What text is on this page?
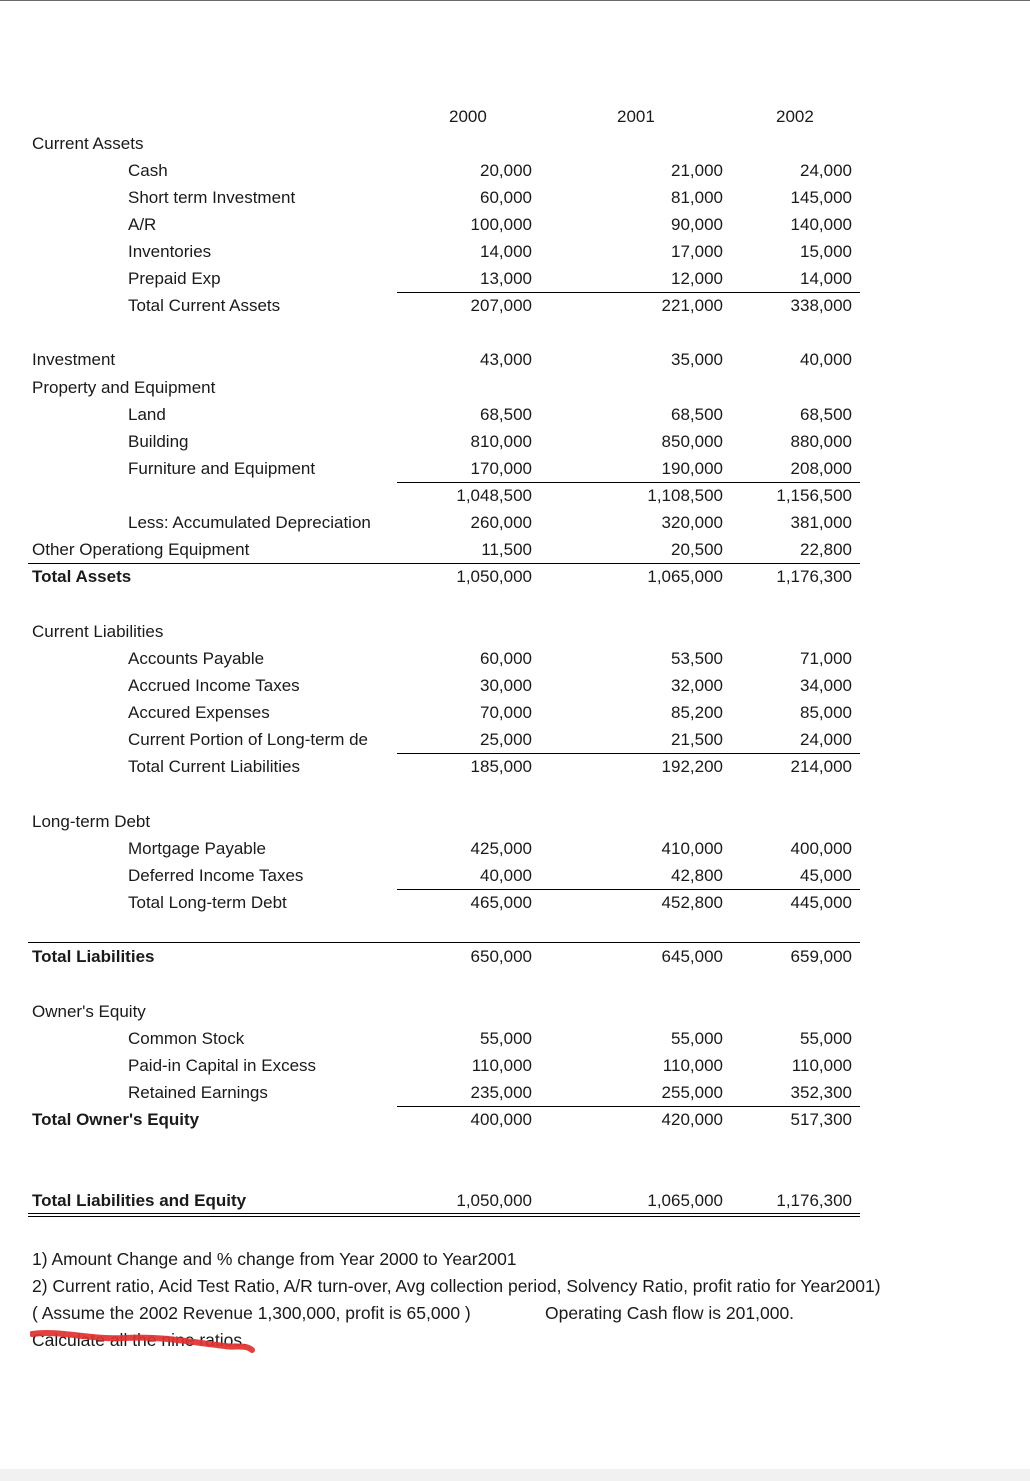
2000	2001	2002
Current Assets
Cash	20,000	21,000	24,000
Short term Investment	60,000	81,000	145,000
A/R	100,000	90,000	140,000
Inventories	14,000	17,000	15,000
Prepaid Exp	13,000	12,000	14,000
Total Current Assets	207,000	221,000	338,000
Investment	43,000	35,000	40,000
Property and Equipment
Land	68,500	68,500	68,500
Building	810,000	850,000	880,000
Furniture and Equipment	170,000	190,000	208,000
1,048,500	1,108,500	1,156,500
Less: Accumulated Depreciation	260,000	320,000	381,000
Other Operationg Equipment	11,500	20,500	22,800
Total Assets	1,050,000	1,065,000	1,176,300
Current Liabilities
Accounts Payable	60,000	53,500	71,000
Accrued Income Taxes	30,000	32,000	34,000
Accured Expenses	70,000	85,200	85,000
Current Portion of Long-term de	25,000	21,500	24,000
Total Current Liabilities	185,000	192,200	214,000
Long-term Debt
Mortgage Payable	425,000	410,000	400,000
Deferred Income Taxes	40,000	42,800	45,000
Total Long-term Debt	465,000	452,800	445,000
Total Liabilities	650,000	645,000	659,000
Owner's Equity
Common Stock	55,000	55,000	55,000
Paid-in Capital in Excess	110,000	110,000	110,000
Retained Earnings	235,000	255,000	352,300
Total Owner's Equity	400,000	420,000	517,300
Total Liabilities and Equity	1,050,000	1,065,000	1,176,300
1) Amount Change and % change from Year 2000 to Year2001
2) Current ratio, Acid Test Ratio, A/R turn-over, Avg collection period, Solvency Ratio, profit ratio for Year2001)
( Assume the 2002 Revenue 1,300,000, profit is 65,000 )	Operating Cash flow is 201,000.
Calculate all the nine ratios.
